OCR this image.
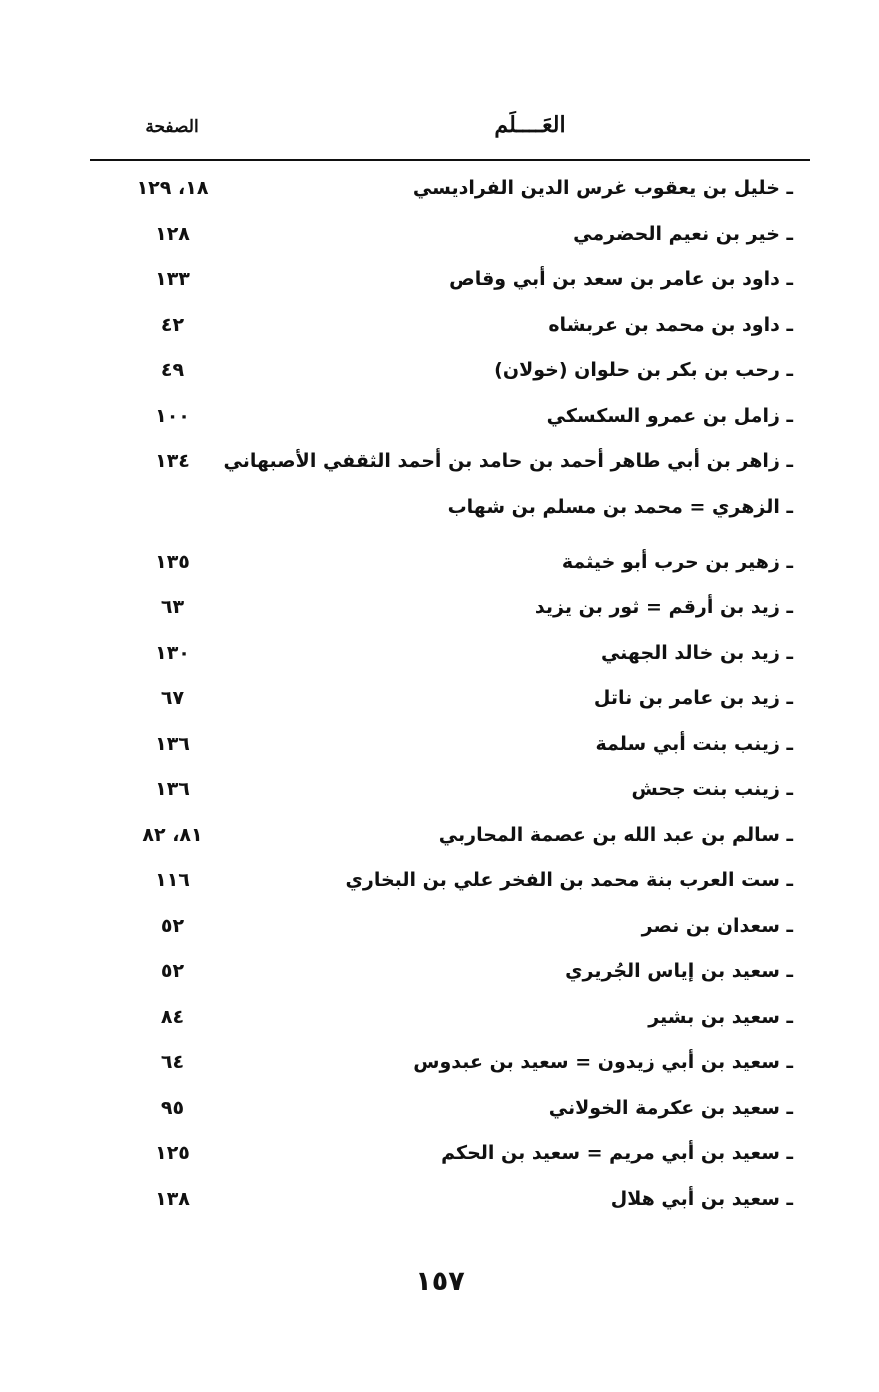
العَــــلَم
الصفحة
ـ خليل بن يعقوب غرس الدين الفراديسي
١٨، ١٢٩
ـ خير بن نعيم الحضرمي
١٢٨
ـ داود بن عامر بن سعد بن أبي وقاص
١٣٣
ـ داود بن محمد بن عربشاه
٤٢
ـ رحب بن بكر بن حلوان (خولان)
٤٩
ـ زامل بن عمرو السكسكي
١٠٠
ـ زاهر بن أبي طاهر أحمد بن حامد بن أحمد الثقفي الأصبهاني
١٣٤
ـ الزهري = محمد بن مسلم بن شهاب
ـ زهير بن حرب أبو خيثمة
١٣٥
ـ زيد بن أرقم = ثور بن يزيد
٦٣
ـ زيد بن خالد الجهني
١٣٠
ـ زيد بن عامر بن ناتل
٦٧
ـ زينب بنت أبي سلمة
١٣٦
ـ زينب بنت جحش
١٣٦
ـ سالم بن عبد الله بن عصمة المحاربي
٨١، ٨٢
ـ ست العرب بنة محمد بن الفخر علي بن البخاري
١١٦
ـ سعدان بن نصر
٥٢
ـ سعيد بن إياس الجُريري
٥٢
ـ سعيد بن بشير
٨٤
ـ سعيد بن أبي زيدون = سعيد بن عبدوس
٦٤
ـ سعيد بن عكرمة الخولاني
٩٥
ـ سعيد بن أبي مريم = سعيد بن الحكم
١٢٥
ـ سعيد بن أبي هلال
١٣٨
١٥٧
